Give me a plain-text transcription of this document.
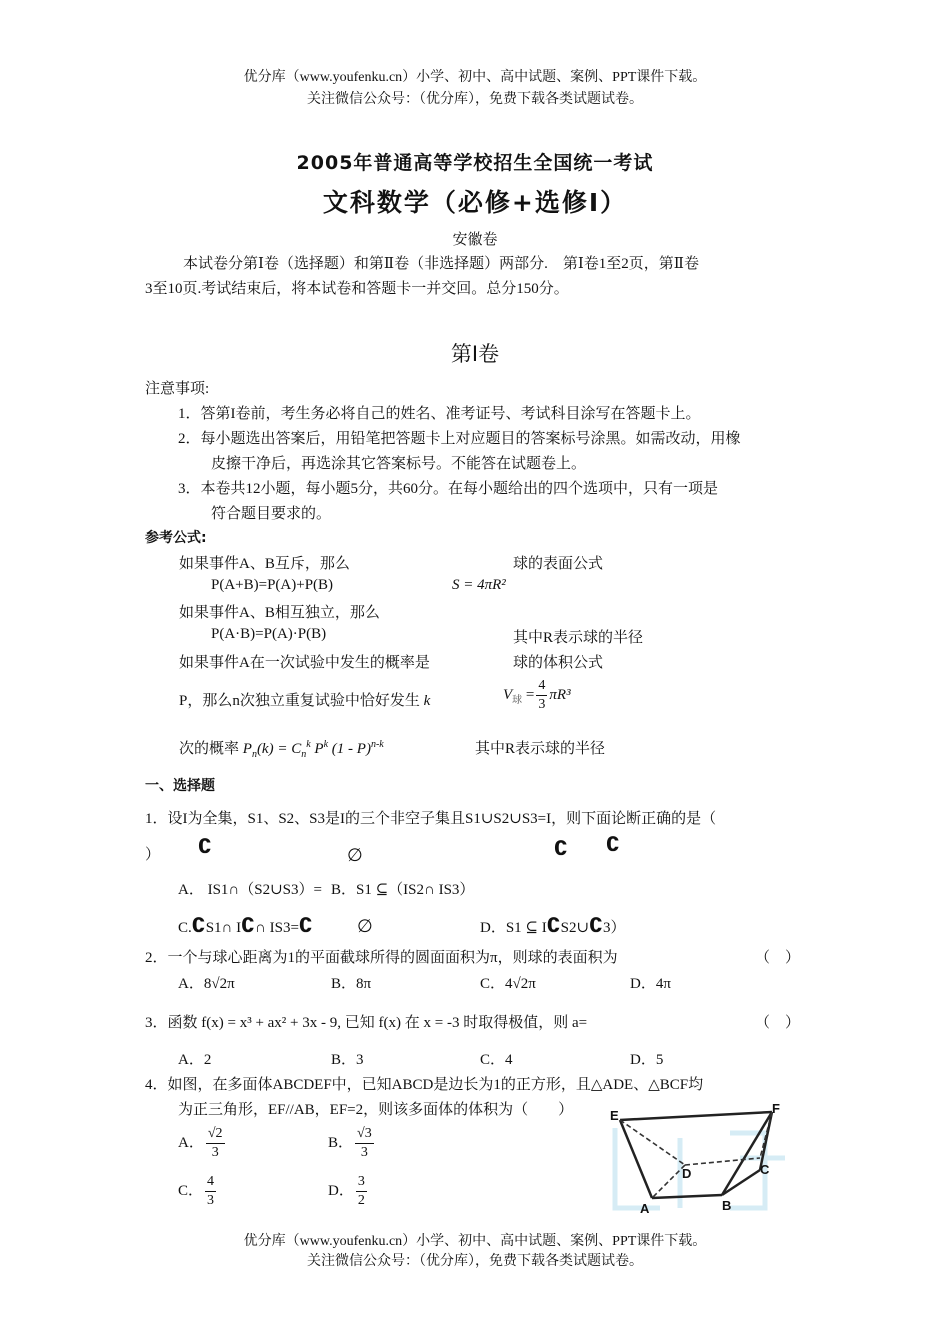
优分库（www.youfenku.cn）小学、初中、高中试题、案例、PPT课件下载。
关注微信公众号：（优分库），免费下载各类试题试卷。
2005年普通高等学校招生全国统一考试
文科数学（必修+选修I）
安徽卷
本试卷分第Ⅰ卷（选择题）和第Ⅱ卷（非选择题）两部分.　第Ⅰ卷1至2页，第Ⅱ卷
3至10页.考试结束后，将本试卷和答题卡一并交回。总分150分。
第I卷
注意事项:
1．答第I卷前，考生务必将自己的姓名、准考证号、考试科目涂写在答题卡上。
2．每小题选出答案后，用铅笔把答题卡上对应题目的答案标号涂黑。如需改动，用橡
皮擦干净后，再选涂其它答案标号。不能答在试题卷上。
3．本卷共12小题，每小题5分，共60分。在每小题给出的四个选项中，只有一项是
符合题目要求的。
参考公式:
如果事件A、B互斥，那么
P(A+B)=P(A)+P(B)
如果事件A、B相互独立，那么
P(A·B)=P(A)·P(B)
如果事件A在一次试验中发生的概率是
P，那么n次独立重复试验中恰好发生 k
次的概率 $P_n(k) = C_n^k$ $P^k$ (1 - P)$^{n-k}$
球的表面公式
S = 4πR²
其中R表示球的半径
球的体积公式
$V_球 = \frac{4}{3} \pi R^3$
其中R表示球的半径
一、选择题
1．设I为全集，S1、S2、S3是I的三个非空子集且S1∪S2∪S3=I，则下面论断正确的是（
） ∁	∅	∁ ∁
A． IS1∩（S2∪S3）= B．S1 ⊆（IS2∩ IS3）
C.∁S1∩ I∁∩ IS3=∁ ∅	D．S1 ⊆ I∁S2∪∁3）
2．一个与球心距离为1的平面截球所得的圆面面积为π，则球的表面积为	（　）
A．8√2π	B．8π	C．4√2π	D．4π
3．函数 f(x) = x³ + ax² + 3x - 9, 已知 f(x) 在 x = -3 时取得极值，则 a=	（　）
A．2	B．3	C．4	D．5
4．如图，在多面体ABCDEF中，已知ABCD是边长为1的正方形，且△ADE、△BCF均
为正三角形，EF//AB，EF=2，则该多面体的体积为（　　）
A． $\frac{√2}{3}$	B． $\frac{√3}{3}$
C． $\frac{4}{3}$	D． $\frac{3}{2}$
E	F
D	C
A	B
优分库（www.youfenku.cn）小学、初中、高中试题、案例、PPT课件下载。
关注微信公众号：（优分库），免费下载各类试题试卷。
